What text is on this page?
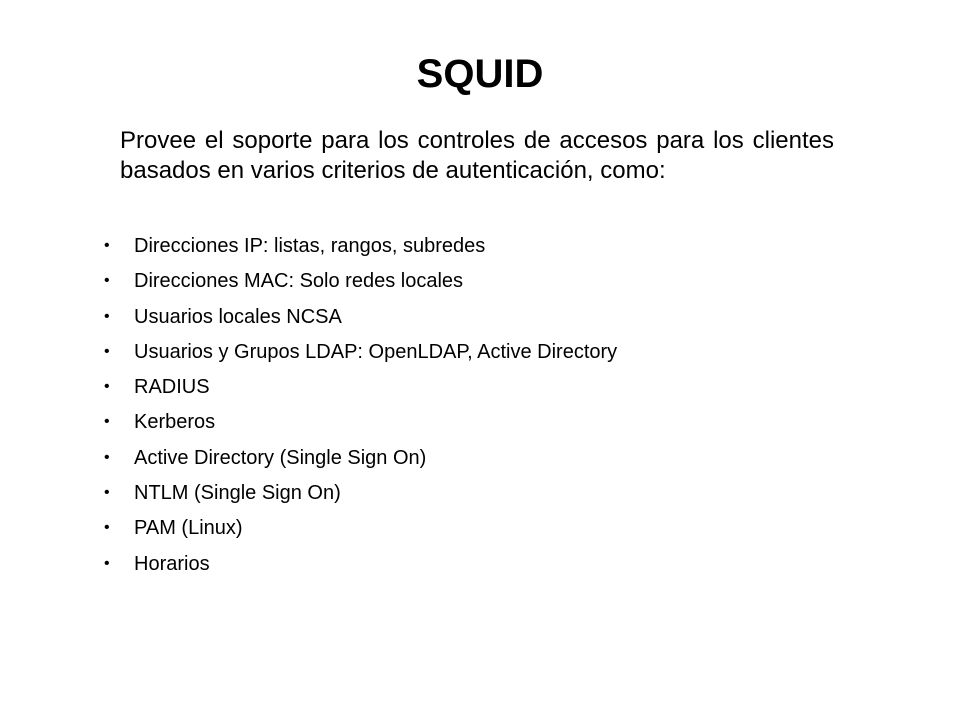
SQUID

Provee el soporte para los controles de accesos para los clientes basados en varios criterios de autenticación, como:

•	Direcciones IP: listas, rangos, subredes
•	Direcciones MAC: Solo redes locales
•	Usuarios locales NCSA
•	Usuarios y Grupos LDAP: OpenLDAP, Active Directory
•	RADIUS
•	Kerberos
•	Active Directory (Single Sign On)
•	NTLM (Single Sign On)
•	PAM (Linux)
•	Horarios
